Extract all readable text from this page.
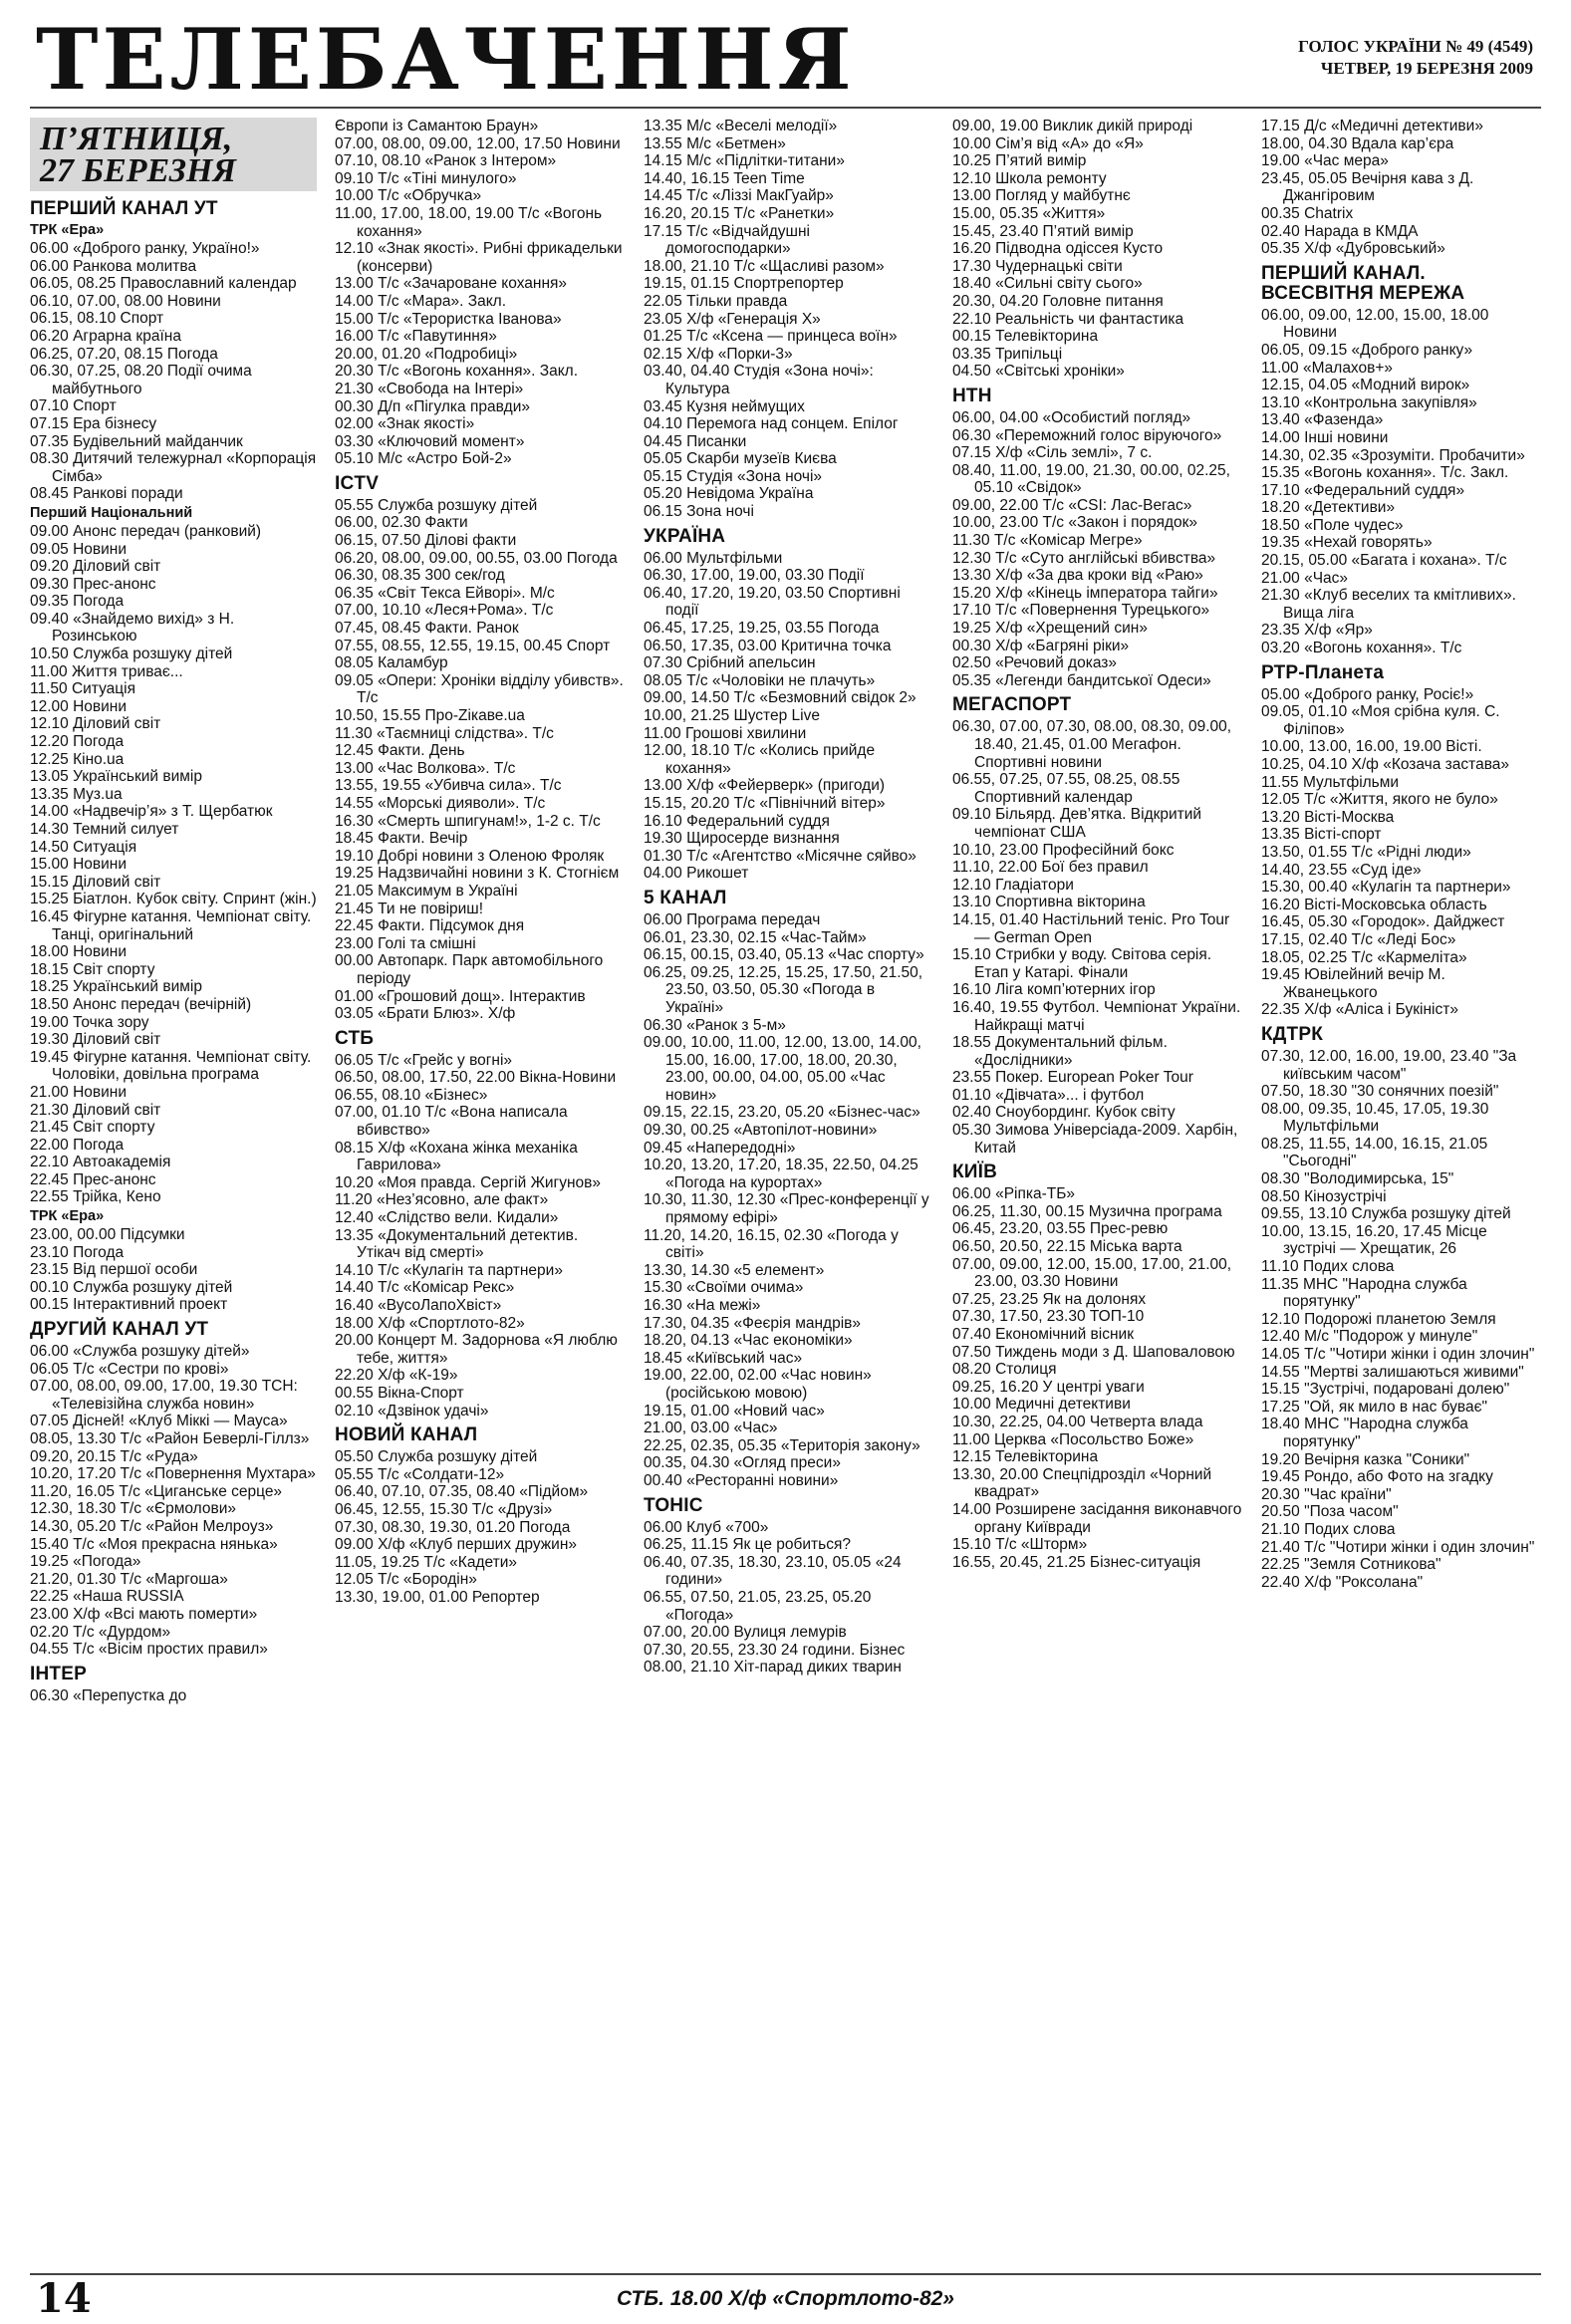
ТЕЛЕБАЧЕННЯ	ГОЛОС УКРАЇНИ № 49 (4549)
ЧЕТВЕР, 19 БЕРЕЗНЯ 2009
П’ЯТНИЦЯ,
27 БЕРЕЗНЯ
ПЕРШИЙ КАНАЛ УТ
ТРК «Ера»
06.00 «Доброго ранку, Україно!»
06.00 Ранкова молитва
06.05, 08.25 Православний календар
06.10, 07.00, 08.00 Новини
06.15, 08.10 Спорт
06.20 Аграрна країна
06.25, 07.20, 08.15 Погода
06.30, 07.25, 08.20 Події очима майбутнього
07.10 Спорт
07.15 Ера бізнесу
07.35 Будівельний майданчик
08.30 Дитячий тележурнал «Корпорація Сімба»
08.45 Ранкові поради
Перший Національний
09.00 Анонс передач (ранковий)
09.05 Новини
09.20 Діловий світ
09.30 Прес-анонс
09.35 Погода
09.40 «Знайдемо вихід» з Н. Розинською
10.50 Служба розшуку дітей
11.00 Життя триває...
11.50 Ситуація
12.00 Новини
12.10 Діловий світ
12.20 Погода
12.25 Кіно.ua
13.05 Український вимір
13.35 Муз.ua
14.00 «Надвечір’я» з Т. Щербатюк
14.30 Темний силует
14.50 Ситуація
15.00 Новини
15.15 Діловий світ
15.25 Біатлон. Кубок світу. Спринт (жін.)
16.45 Фігурне катання. Чемпіонат світу. Танці, оригінальний
18.00 Новини
18.15 Світ спорту
18.25 Український вимір
18.50 Анонс передач (вечірній)
19.00 Точка зору
19.30 Діловий світ
19.45 Фігурне катання. Чемпіонат світу. Чоловіки, довільна програма
21.00 Новини
21.30 Діловий світ
21.45 Світ спорту
22.00 Погода
22.10 Автоакадемія
22.45 Прес-анонс
22.55 Трійка, Кено
ТРК «Ера»
23.00, 00.00 Підсумки
23.10 Погода
23.15 Від першої особи
00.10 Служба розшуку дітей
00.15 Інтерактивний проект
ДРУГИЙ КАНАЛ УТ
06.00 «Служба розшуку дітей»
06.05 Т/с «Сестри по крові»
07.00, 08.00, 09.00, 17.00, 19.30 ТСН: «Телевізійна служба новин»
07.05 Дісней! «Клуб Міккі — Мауса»
08.05, 13.30 Т/с «Район Беверлі-Гіллз»
09.20, 20.15 Т/с «Руда»
10.20, 17.20 Т/с «Повернення Мухтара»
11.20, 16.05 Т/с «Циганське серце»
12.30, 18.30 Т/с «Єрмолови»
14.30, 05.20 Т/с «Район Мелроуз»
15.40 Т/с «Моя прекрасна нянька»
19.25 «Погода»
21.20, 01.30 Т/с «Маргоша»
22.25 «Наша RUSSIA
23.00 Х/ф «Всі мають померти»
02.20 Т/с «Дурдом»
04.55 Т/с «Вісім простих правил»
ІНТЕР
06.30 «Перепустка до
Європи із Самантою Браун»
07.00, 08.00, 09.00, 12.00, 17.50 Новини
07.10, 08.10 «Ранок з Інтером»
09.10 Т/с «Тіні минулого»
10.00 Т/с «Обручка»
11.00, 17.00, 18.00, 19.00 Т/с «Вогонь кохання»
12.10 «Знак якості». Рибні фрикадельки (консерви)
13.00 Т/с «Зачароване кохання»
14.00 Т/с «Мара». Закл.
15.00 Т/с «Терористка Іванова»
16.00 Т/с «Павутиння»
20.00, 01.20 «Подробиці»
20.30 Т/с «Вогонь кохання». Закл.
21.30 «Свобода на Інтері»
00.30 Д/п «Пігулка правди»
02.00 «Знак якості»
03.30 «Ключовий момент»
05.10 М/с «Астро Бой-2»
ICTV
05.55 Служба розшуку дітей
06.00, 02.30 Факти
06.15, 07.50 Ділові факти
06.20, 08.00, 09.00, 00.55, 03.00 Погода
06.30, 08.35 300 сек/год
06.35 «Світ Текса Ейворі». М/с
07.00, 10.10 «Леся+Рома». Т/с
07.45, 08.45 Факти. Ранок
07.55, 08.55, 12.55, 19.15, 00.45 Спорт
08.05 Каламбур
09.05 «Опери: Хроніки відділу убивств». Т/с
10.50, 15.55 Про-Zікаве.ua
11.30 «Таємниці слідства». Т/с
12.45 Факти. День
13.00 «Час Волкова». Т/с
13.55, 19.55 «Убивча сила». Т/с
14.55 «Морські дияволи». Т/с
16.30 «Смерть шпигунам!», 1-2 с. Т/с
18.45 Факти. Вечір
19.10 Добрі новини з Оленою Фроляк
19.25 Надзвичайні новини з К. Стогнієм
21.05 Максимум в Україні
21.45 Ти не повіриш!
22.45 Факти. Підсумок дня
23.00 Голі та смішні
00.00 Автопарк. Парк автомобільного періоду
01.00 «Грошовий дощ». Інтерактив
03.05 «Брати Блюз». Х/ф
СТБ
06.05 Т/с «Грейс у вогні»
06.50, 08.00, 17.50, 22.00 Вікна-Новини
06.55, 08.10 «Бізнес»
07.00, 01.10 Т/с «Вона написала вбивство»
08.15 Х/ф «Кохана жінка механіка Гаврилова»
10.20 «Моя правда. Сергій Жигунов»
11.20 «Нез’ясовно, але факт»
12.40 «Слідство вели. Кидали»
13.35 «Документальний детектив. Утікач від смерті»
14.10 Т/с «Кулагін та партнери»
14.40 Т/с «Комісар Рекс»
16.40 «ВусоЛапоХвіст»
18.00 Х/ф «Спортлото-82»
20.00 Концерт М. Задорнова «Я люблю тебе, життя»
22.20 Х/ф «К-19»
00.55 Вікна-Спорт
02.10 «Дзвінок удачі»
НОВИЙ КАНАЛ
05.50 Служба розшуку дітей
05.55 Т/с «Солдати-12»
06.40, 07.10, 07.35, 08.40 «Підйом»
06.45, 12.55, 15.30 Т/с «Друзі»
07.30, 08.30, 19.30, 01.20 Погода
09.00 Х/ф «Клуб перших дружин»
11.05, 19.25 Т/с «Кадети»
12.05 Т/с «Бородін»
13.30, 19.00, 01.00 Репортер
13.35 М/с «Веселі мелодії»
13.55 М/с «Бетмен»
14.15 М/с «Підлітки-титани»
14.40, 16.15 Teen Time
14.45 Т/с «Ліззі МакГуайр»
16.20, 20.15 Т/с «Ранетки»
17.15 Т/с «Відчайдушні домогосподарки»
18.00, 21.10 Т/с «Щасливі разом»
19.15, 01.15 Спортрепортер
22.05 Тільки правда
23.05 Х/ф «Генерація Х»
01.25 Т/с «Ксена — принцеса воїн»
02.15 Х/ф «Порки-3»
03.40, 04.40 Студія «Зона ночі»: Культура
03.45 Кузня неймущих
04.10 Перемога над сонцем. Епілог
04.45 Писанки
05.05 Скарби музеїв Києва
05.15 Студія «Зона ночі»
05.20 Невідома Україна
06.15 Зона ночі
УКРАЇНА
06.00 Мультфільми
06.30, 17.00, 19.00, 03.30 Події
06.40, 17.20, 19.20, 03.50 Спортивні події
06.45, 17.25, 19.25, 03.55 Погода
06.50, 17.35, 03.00 Критична точка
07.30 Срібний апельсин
08.05 Т/с «Чоловіки не плачуть»
09.00, 14.50 Т/с «Безмовний свідок 2»
10.00, 21.25 Шустер Live
11.00 Грошові хвилини
12.00, 18.10 Т/с «Колись прийде кохання»
13.00 Х/ф «Фейерверк» (пригоди)
15.15, 20.20 Т/с «Північний вітер»
16.10 Федеральний суддя
19.30 Щиросерде визнання
01.30 Т/с «Агентство «Місячне сяйво»
04.00 Рикошет
5 КАНАЛ
06.00 Програма передач
06.01, 23.30, 02.15 «Час-Тайм»
06.15, 00.15, 03.40, 05.13 «Час спорту»
06.25, 09.25, 12.25, 15.25, 17.50, 21.50, 23.50, 03.50, 05.30 «Погода в Україні»
06.30 «Ранок з 5-м»
09.00, 10.00, 11.00, 12.00, 13.00, 14.00, 15.00, 16.00, 17.00, 18.00, 20.30, 23.00, 00.00, 04.00, 05.00 «Час новин»
09.15, 22.15, 23.20, 05.20 «Бізнес-час»
09.30, 00.25 «Автопілот-новини»
09.45 «Напередодні»
10.20, 13.20, 17.20, 18.35, 22.50, 04.25 «Погода на курортах»
10.30, 11.30, 12.30 «Прес-конференції у прямому ефірі»
11.20, 14.20, 16.15, 02.30 «Погода у світі»
13.30, 14.30 «5 елемент»
15.30 «Своїми очима»
16.30 «На межі»
17.30, 04.35 «Феєрія мандрів»
18.20, 04.13 «Час економіки»
18.45 «Київський час»
19.00, 22.00, 02.00 «Час новин» (російською мовою)
19.15, 01.00 «Новий час»
21.00, 03.00 «Час»
22.25, 02.35, 05.35 «Територія закону»
00.35, 04.30 «Огляд преси»
00.40 «Ресторанні новини»
ТОНІС
06.00 Клуб «700»
06.25, 11.15 Як це робиться?
06.40, 07.35, 18.30, 23.10, 05.05 «24 години»
06.55, 07.50, 21.05, 23.25, 05.20 «Погода»
07.00, 20.00 Вулиця лемурів
07.30, 20.55, 23.30 24 години. Бізнес
08.00, 21.10 Хіт-парад диких тварин
09.00, 19.00 Виклик дикій природі
10.00 Сім’я від «А» до «Я»
10.25 П’ятий вимір
12.10 Школа ремонту
13.00 Погляд у майбутнє
15.00, 05.35 «Життя»
15.45, 23.40 П’ятий вимір
16.20 Підводна одіссея Кусто
17.30 Чудернацькі світи
18.40 «Сильні світу сього»
20.30, 04.20 Головне питання
22.10 Реальність чи фантастика
00.15 Телевікторина
03.35 Трипільці
04.50 «Світські хроніки»
НТН
06.00, 04.00 «Особистий погляд»
06.30 «Переможний голос віруючого»
07.15 Х/ф «Сіль землі», 7 с.
08.40, 11.00, 19.00, 21.30, 00.00, 02.25, 05.10 «Свідок»
09.00, 22.00 Т/с «CSI: Лас-Вегас»
10.00, 23.00 Т/с «Закон і порядок»
11.30 Т/с «Комісар Мегре»
12.30 Т/с «Суто англійські вбивства»
13.30 Х/ф «За два кроки від «Раю»
15.20 Х/ф «Кінець імператора тайги»
17.10 Т/с «Повернення Турецького»
19.25 Х/ф «Хрещений син»
00.30 Х/ф «Багряні ріки»
02.50 «Речовий доказ»
05.35 «Легенди бандитської Одеси»
МЕГАСПОРТ
06.30, 07.00, 07.30, 08.00, 08.30, 09.00, 18.40, 21.45, 01.00 Мегафон. Спортивні новини
06.55, 07.25, 07.55, 08.25, 08.55 Спортивний календар
09.10 Більярд. Дев’ятка. Відкритий чемпіонат США
10.10, 23.00 Професійний бокс
11.10, 22.00 Бої без правил
12.10 Гладіатори
13.10 Спортивна вікторина
14.15, 01.40 Настільний теніс. Pro Tour — German Open
15.10 Стрибки у воду. Світова серія. Етап у Катарі. Фінали
16.10 Ліга комп’ютерних ігор
16.40, 19.55 Футбол. Чемпіонат України. Найкращі матчі
18.55 Документальний фільм. «Дослідники»
23.55 Покер. European Poker Tour
01.10 «Дівчата»... і футбол
02.40 Сноубординг. Кубок світу
05.30 Зимова Універсіада-2009. Харбін, Китай
КИЇВ
06.00 «Ріпка-ТБ»
06.25, 11.30, 00.15 Музична програма
06.45, 23.20, 03.55 Прес-ревю
06.50, 20.50, 22.15 Міська варта
07.00, 09.00, 12.00, 15.00, 17.00, 21.00, 23.00, 03.30 Новини
07.25, 23.25 Як на долонях
07.30, 17.50, 23.30 ТОП-10
07.40 Економічний вісник
07.50 Тиждень моди з Д. Шаповаловою
08.20 Столиця
09.25, 16.20 У центрі уваги
10.00 Медичні детективи
10.30, 22.25, 04.00 Четверта влада
11.00 Церква «Посольство Боже»
12.15 Телевікторина
13.30, 20.00 Спецпідрозділ «Чорний квадрат»
14.00 Розширене засідання виконавчого органу Київради
15.10 Т/с «Шторм»
16.55, 20.45, 21.25 Бізнес-ситуація
17.15 Д/с «Медичні детективи»
18.00, 04.30 Вдала кар’єра
19.00 «Час мера»
23.45, 05.05 Вечірня кава з Д. Джангіровим
00.35 Chatrix
02.40 Нарада в КМДА
05.35 Х/ф «Дубровський»
ПЕРШИЙ КАНАЛ. ВСЕСВІТНЯ МЕРЕЖА
06.00, 09.00, 12.00, 15.00, 18.00 Новини
06.05, 09.15 «Доброго ранку»
11.00 «Малахов+»
12.15, 04.05 «Модний вирок»
13.10 «Контрольна закупівля»
13.40 «Фазенда»
14.00 Інші новини
14.30, 02.35 «Зрозуміти. Пробачити»
15.35 «Вогонь кохання». Т/с. Закл.
17.10 «Федеральний суддя»
18.20 «Детективи»
18.50 «Поле чудес»
19.35 «Нехай говорять»
20.15, 05.00 «Багата і кохана». Т/с
21.00 «Час»
21.30 «Клуб веселих та кмітливих». Вища ліга
23.35 Х/ф «Яр»
03.20 «Вогонь кохання». Т/с
РТР-Планета
05.00 «Доброго ранку, Росіє!»
09.05, 01.10 «Моя срібна куля. С. Філіпов»
10.00, 13.00, 16.00, 19.00 Вісті.
10.25, 04.10 Х/ф «Козача застава»
11.55 Мультфільми
12.05 Т/с «Життя, якого не було»
13.20 Вісті-Москва
13.35 Вісті-спорт
13.50, 01.55 Т/с «Рідні люди»
14.40, 23.55 «Суд іде»
15.30, 00.40 «Кулагін та партнери»
16.20 Вісті-Московська область
16.45, 05.30 «Городок». Дайджест
17.15, 02.40 Т/с «Леді Бос»
18.05, 02.25 Т/с «Кармеліта»
19.45 Ювілейний вечір М. Жванецького
22.35 Х/ф «Аліса і Букініст»
КДТРК
07.30, 12.00, 16.00, 19.00, 23.40 "За київським часом"
07.50, 18.30 "30 сонячних поезій"
08.00, 09.35, 10.45, 17.05, 19.30 Мультфільми
08.25, 11.55, 14.00, 16.15, 21.05 "Сьогодні"
08.30 "Володимирська, 15"
08.50 Кінозустрічі
09.55, 13.10 Служба розшуку дітей
10.00, 13.15, 16.20, 17.45 Місце зустрічі — Хрещатик, 26
11.10 Подих слова
11.35 МНС "Народна служба порятунку"
12.10 Подорожі планетою Земля
12.40 М/с "Подорож у минуле"
14.05 Т/с "Чотири жінки і один злочин"
14.55 "Мертві залишаються живими"
15.15 "Зустрічі, подаровані долею"
17.25 "Ой, як мило в нас буває"
18.40 МНС "Народна служба порятунку"
19.20 Вечірня казка "Соники"
19.45 Рондо, або Фото на згадку
20.30 "Час країни"
20.50 "Поза часом"
21.10 Подих слова
21.40 Т/с "Чотири жінки і один злочин"
22.25 "Земля Сотникова"
22.40 Х/ф "Роксолана"
14	СТБ. 18.00 Х/ф «Спортлото-82»
